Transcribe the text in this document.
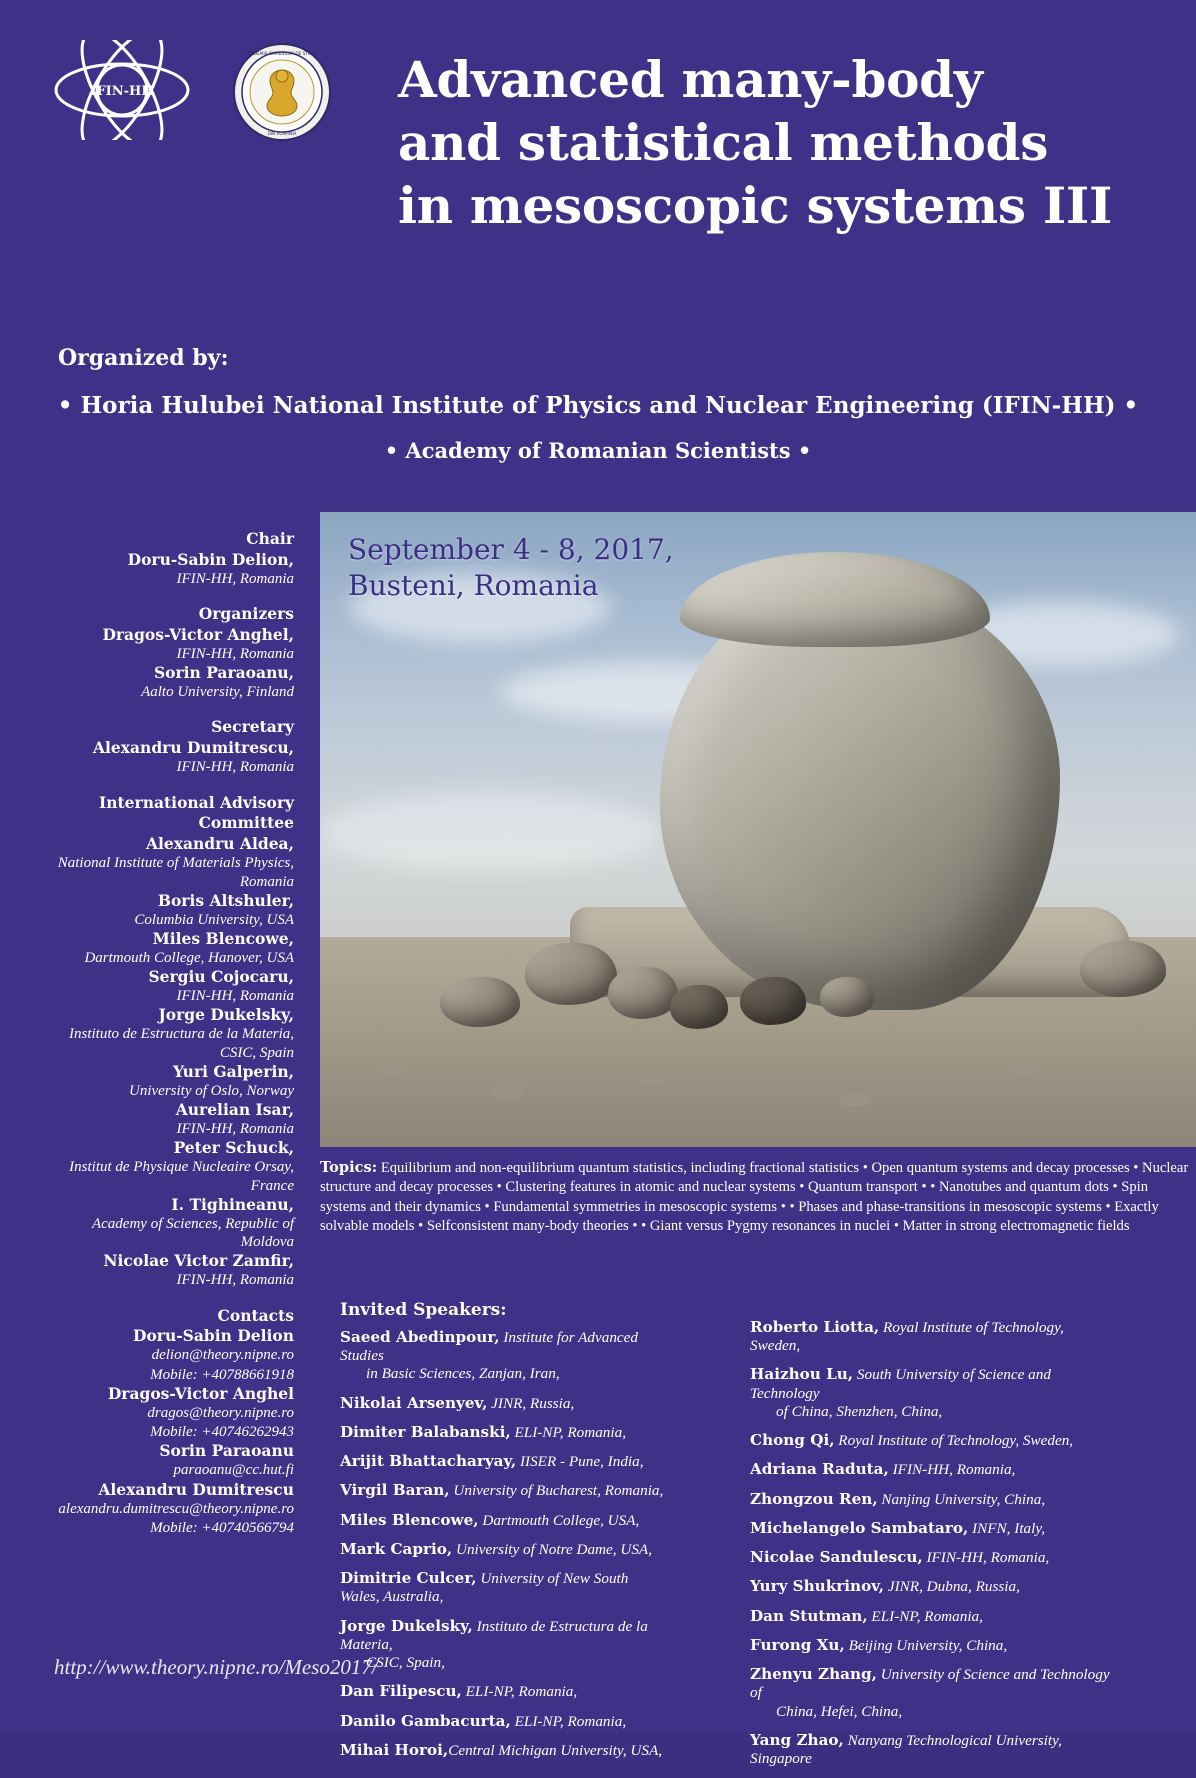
IFIN-HH
ACADEMIA OAMENILOR DE STIINTA
DIN ROMANIA
Advanced many-body
and statistical methods
in mesoscopic systems III
Organized by:
• Horia Hulubei National Institute of Physics and Nuclear Engineering (IFIN-HH) •
• Academy of Romanian Scientists •
Chair
Doru-Sabin Delion,
IFIN-HH, Romania
Organizers
Dragos-Victor Anghel,
IFIN-HH, Romania
Sorin Paraoanu,
Aalto University, Finland
Secretary
Alexandru Dumitrescu,
IFIN-HH, Romania
International Advisory
Committee
Alexandru Aldea,
National Institute of Materials Physics, Romania
Boris Altshuler,
Columbia University, USA
Miles Blencowe,
Dartmouth College, Hanover, USA
Sergiu Cojocaru,
IFIN-HH, Romania
Jorge Dukelsky,
Instituto de Estructura de la Materia, CSIC, Spain
Yuri Galperin,
University of Oslo, Norway
Aurelian Isar,
IFIN-HH, Romania
Peter Schuck,
Institut de Physique Nucleaire Orsay, France
I. Tighineanu,
Academy of Sciences, Republic of Moldova
Nicolae Victor Zamfir,
IFIN-HH, Romania
Contacts
Doru-Sabin Delion
delion@theory.nipne.ro
Mobile: +40788661918
Dragos-Victor Anghel
dragos@theory.nipne.ro
Mobile: +40746262943
Sorin Paraoanu
paraoanu@cc.hut.fi
Alexandru Dumitrescu
alexandru.dumitrescu@theory.nipne.ro
Mobile: +40740566794
September 4 - 8, 2017,
Busteni, Romania
Topics: Equilibrium and non-equilibrium quantum statistics, including fractional statistics • Open quantum systems and decay processes • Nuclear structure and decay processes • Clustering features in atomic and nuclear systems • Quantum transport • • Nanotubes and quantum dots • Spin systems and their dynamics • Fundamental symmetries in mesoscopic systems • • Phases and phase-transitions in mesoscopic systems • Exactly solvable models • Selfconsistent many-body theories • • Giant versus Pygmy resonances in nuclei • Matter in strong electromagnetic fields
Invited Speakers:
Saeed Abedinpour, Institute for Advanced Studies
in Basic Sciences, Zanjan, Iran,
Nikolai Arsenyev, JINR, Russia,
Dimiter Balabanski, ELI-NP, Romania,
Arijit Bhattacharyay, IISER - Pune, India,
Virgil Baran, University of Bucharest, Romania,
Miles Blencowe, Dartmouth College, USA,
Mark Caprio, University of Notre Dame, USA,
Dimitrie Culcer, University of New South Wales, Australia,
Jorge Dukelsky, Instituto de Estructura de la Materia,
CSIC, Spain,
Dan Filipescu, ELI-NP, Romania,
Danilo Gambacurta, ELI-NP, Romania,
Mihai Horoi,Central Michigan University, USA,
Roberto Liotta, Royal Institute of Technology, Sweden,
Haizhou Lu, South University of Science and Technology
of China, Shenzhen, China,
Chong Qi, Royal Institute of Technology, Sweden,
Adriana Raduta, IFIN-HH, Romania,
Zhongzou Ren, Nanjing University, China,
Michelangelo Sambataro, INFN, Italy,
Nicolae Sandulescu, IFIN-HH, Romania,
Yury Shukrinov, JINR, Dubna, Russia,
Dan Stutman, ELI-NP, Romania,
Furong Xu, Beijing University, China,
Zhenyu Zhang, University of Science and Technology of
China, Hefei, China,
Yang Zhao, Nanyang Technological University, Singapore
http://www.theory.nipne.ro/Meso2017/
